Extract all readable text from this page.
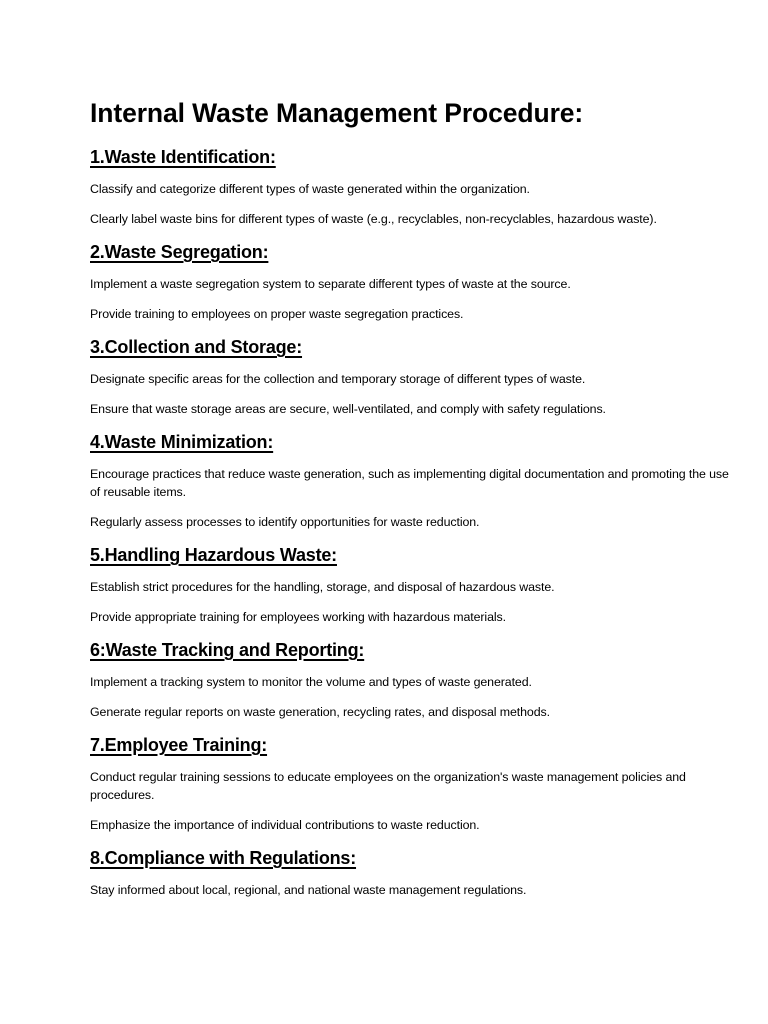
Internal Waste Management Procedure:
1.Waste Identification:

Classify and categorize different types of waste generated within the organization.

Clearly label waste bins for different types of waste (e.g., recyclables, non-recyclables, hazardous waste).

2.Waste Segregation:

Implement a waste segregation system to separate different types of waste at the source.

Provide training to employees on proper waste segregation practices.

3.Collection and Storage:

Designate specific areas for the collection and temporary storage of different types of waste.

Ensure that waste storage areas are secure, well-ventilated, and comply with safety regulations.

4.Waste Minimization:

Encourage practices that reduce waste generation, such as implementing digital documentation and promoting the use of reusable items.

Regularly assess processes to identify opportunities for waste reduction.

5.Handling Hazardous Waste:

Establish strict procedures for the handling, storage, and disposal of hazardous waste.

Provide appropriate training for employees working with hazardous materials.

6:Waste Tracking and Reporting:

Implement a tracking system to monitor the volume and types of waste generated.

Generate regular reports on waste generation, recycling rates, and disposal methods.

7.Employee Training:

Conduct regular training sessions to educate employees on the organization's waste management policies and procedures.

Emphasize the importance of individual contributions to waste reduction.

8.Compliance with Regulations:

Stay informed about local, regional, and national waste management regulations.
